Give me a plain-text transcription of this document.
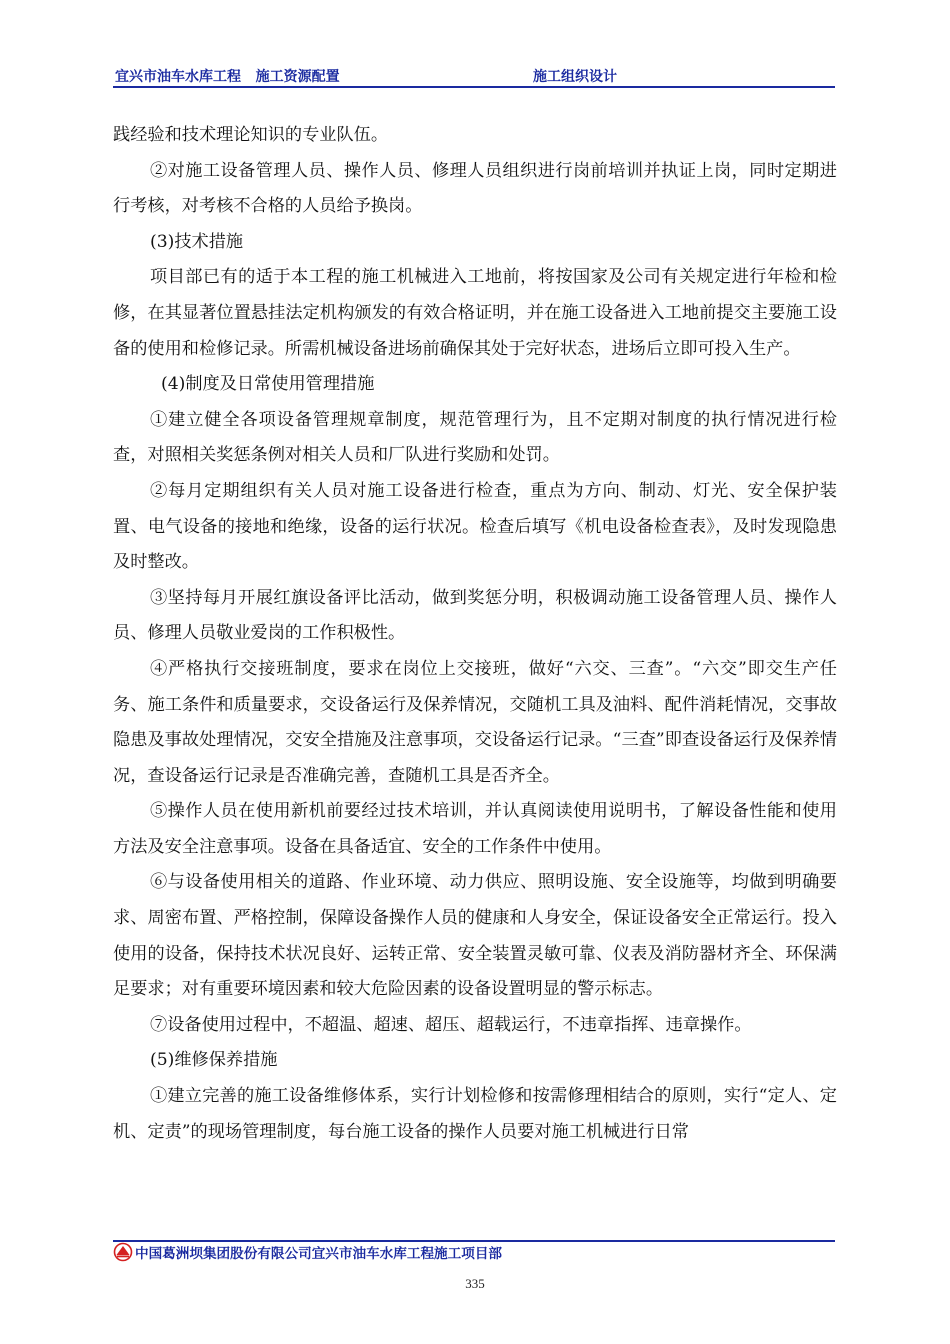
宜兴市油车水库工程   施工资源配置	施工组织设计

践经验和技术理论知识的专业队伍。

②对施工设备管理人员、操作人员、修理人员组织进行岗前培训并执证上岗，同时定期进行考核，对考核不合格的人员给予换岗。

(3)技术措施

项目部已有的适于本工程的施工机械进入工地前，将按国家及公司有关规定进行年检和检修，在其显著位置悬挂法定机构颁发的有效合格证明，并在施工设备进入工地前提交主要施工设备的使用和检修记录。所需机械设备进场前确保其处于完好状态，进场后立即可投入生产。

(4)制度及日常使用管理措施

①建立健全各项设备管理规章制度，规范管理行为，且不定期对制度的执行情况进行检查，对照相关奖惩条例对相关人员和厂队进行奖励和处罚。

②每月定期组织有关人员对施工设备进行检查，重点为方向、制动、灯光、安全保护装置、电气设备的接地和绝缘，设备的运行状况。检查后填写《机电设备检查表》，及时发现隐患及时整改。

③坚持每月开展红旗设备评比活动，做到奖惩分明，积极调动施工设备管理人员、操作人员、修理人员敬业爱岗的工作积极性。

④严格执行交接班制度，要求在岗位上交接班，做好“六交、三查”。“六交”即交生产任务、施工条件和质量要求，交设备运行及保养情况，交随机工具及油料、配件消耗情况，交事故隐患及事故处理情况，交安全措施及注意事项，交设备运行记录。“三查”即查设备运行及保养情况，查设备运行记录是否准确完善，查随机工具是否齐全。

⑤操作人员在使用新机前要经过技术培训，并认真阅读使用说明书，了解设备性能和使用方法及安全注意事项。设备在具备适宜、安全的工作条件中使用。

⑥与设备使用相关的道路、作业环境、动力供应、照明设施、安全设施等，均做到明确要求、周密布置、严格控制，保障设备操作人员的健康和人身安全，保证设备安全正常运行。投入使用的设备，保持技术状况良好、运转正常、安全装置灵敏可靠、仪表及消防器材齐全、环保满足要求；对有重要环境因素和较大危险因素的设备设置明显的警示标志。

⑦设备使用过程中，不超温、超速、超压、超载运行，不违章指挥、违章操作。

(5)维修保养措施

①建立完善的施工设备维修体系，实行计划检修和按需修理相结合的原则，实行“定人、定机、定责”的现场管理制度，每台施工设备的操作人员要对施工机械进行日常

中国葛洲坝集团股份有限公司宜兴市油车水库工程施工项目部
335
